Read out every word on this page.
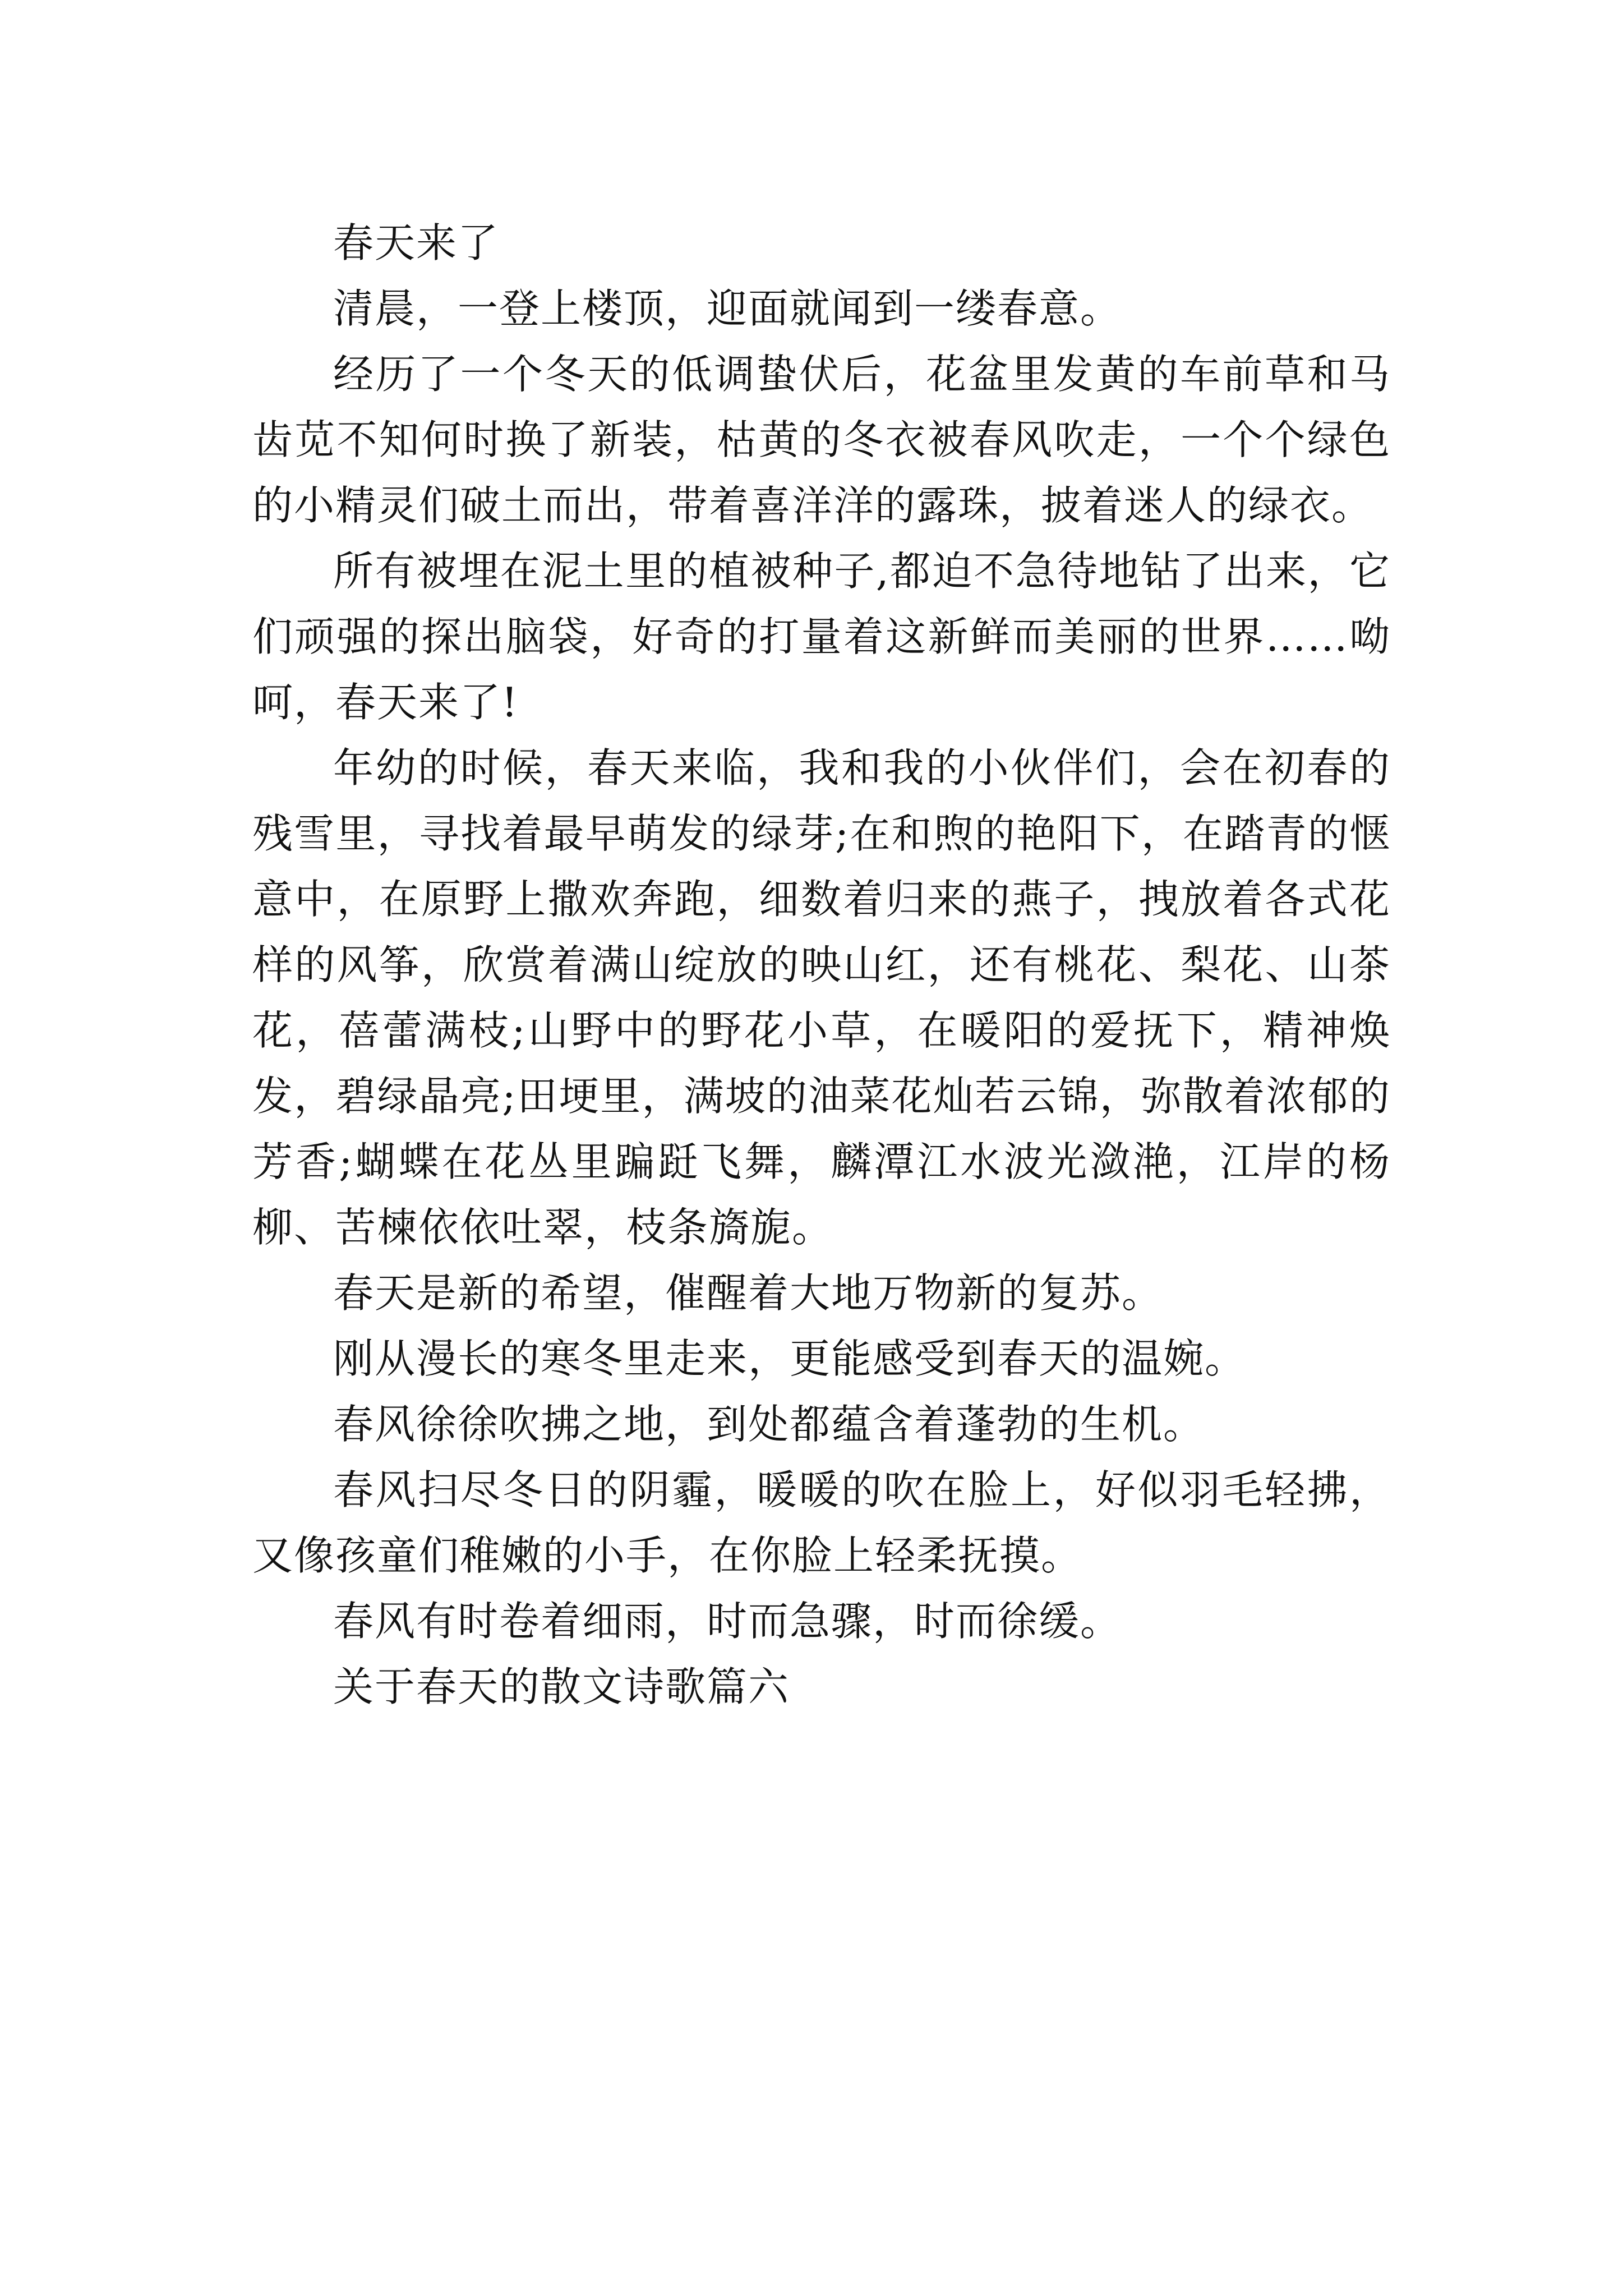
春天来了

清晨，一登上楼顶，迎面就闻到一缕春意。

经历了一个冬天的低调蛰伏后，花盆里发黄的车前草和马齿苋不知何时换了新装，枯黄的冬衣被春风吹走，一个个绿色的小精灵们破土而出，带着喜洋洋的露珠，披着迷人的绿衣。

所有被埋在泥土里的植被种子,都迫不急待地钻了出来，它们顽强的探出脑袋，好奇的打量着这新鲜而美丽的世界……呦呵，春天来了!

年幼的时候，春天来临，我和我的小伙伴们，会在初春的残雪里，寻找着最早萌发的绿芽;在和煦的艳阳下，在踏青的惬意中，在原野上撒欢奔跑，细数着归来的燕子，拽放着各式花样的风筝，欣赏着满山绽放的映山红，还有桃花、梨花、山茶花，蓓蕾满枝;山野中的野花小草，在暖阳的爱抚下，精神焕发，碧绿晶亮;田埂里，满坡的油菜花灿若云锦，弥散着浓郁的芳香;蝴蝶在花丛里蹁跹飞舞，麟潭江水波光潋滟，江岸的杨柳、苦楝依依吐翠，枝条旖旎。

春天是新的希望，催醒着大地万物新的复苏。

刚从漫长的寒冬里走来，更能感受到春天的温婉。

春风徐徐吹拂之地，到处都蕴含着蓬勃的生机。

春风扫尽冬日的阴霾，暖暖的吹在脸上，好似羽毛轻拂，又像孩童们稚嫩的小手，在你脸上轻柔抚摸。

春风有时卷着细雨，时而急骤，时而徐缓。

关于春天的散文诗歌篇六
